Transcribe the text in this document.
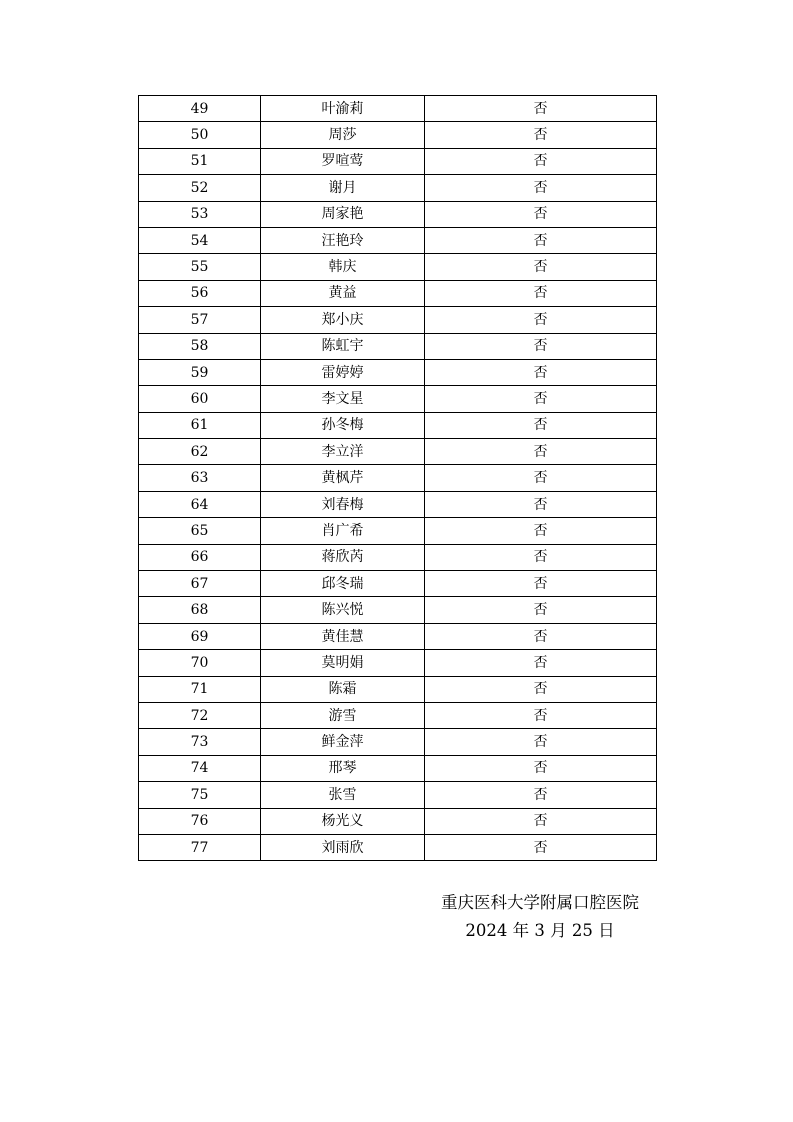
49	叶渝莉	否
50	周莎	否
51	罗喧莺	否
52	谢月	否
53	周家艳	否
54	汪艳玲	否
55	韩庆	否
56	黄益	否
57	郑小庆	否
58	陈虹宇	否
59	雷婷婷	否
60	李文星	否
61	孙冬梅	否
62	李立洋	否
63	黄枫芹	否
64	刘春梅	否
65	肖广希	否
66	蒋欣芮	否
67	邱冬瑞	否
68	陈兴悦	否
69	黄佳慧	否
70	莫明娟	否
71	陈霜	否
72	游雪	否
73	鲜金萍	否
74	邢琴	否
75	张雪	否
76	杨光义	否
77	刘雨欣	否
重庆医科大学附属口腔医院
2024 年 3 月 25 日
